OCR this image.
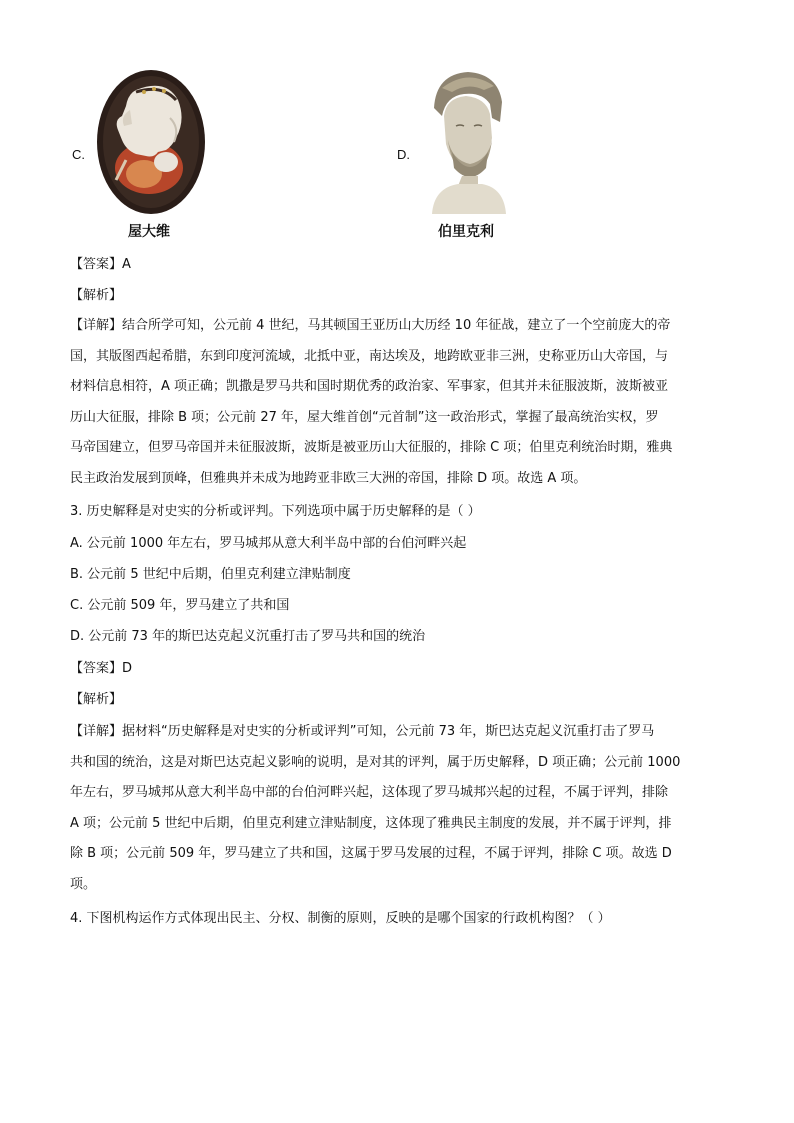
C.
屋大维
D.
伯里克利
【答案】A
【解析】
【详解】结合所学可知，公元前 4 世纪，马其顿国王亚历山大历经 10 年征战，建立了一个空前庞大的帝
国，其版图西起希腊，东到印度河流域，北抵中亚，南达埃及，地跨欧亚非三洲，史称亚历山大帝国，与
材料信息相符，A 项正确；凯撒是罗马共和国时期优秀的政治家、军事家，但其并未征服波斯，波斯被亚
历山大征服，排除 B 项；公元前 27 年，屋大维首创“元首制”这一政治形式，掌握了最高统治实权，罗
马帝国建立，但罗马帝国并未征服波斯，波斯是被亚历山大征服的，排除 C 项；伯里克利统治时期，雅典
民主政治发展到顶峰，但雅典并未成为地跨亚非欧三大洲的帝国，排除 D 项。故选 A 项。
3. 历史解释是对史实的分析或评判。下列选项中属于历史解释的是（ ）
A. 公元前 1000 年左右，罗马城邦从意大利半岛中部的台伯河畔兴起
B. 公元前 5 世纪中后期，伯里克利建立津贴制度
C. 公元前 509 年，罗马建立了共和国
D. 公元前 73 年的斯巴达克起义沉重打击了罗马共和国的统治
【答案】D
【解析】
【详解】据材料“历史解释是对史实的分析或评判”可知，公元前 73 年，斯巴达克起义沉重打击了罗马
共和国的统治，这是对斯巴达克起义影响的说明，是对其的评判，属于历史解释，D 项正确；公元前 1000
年左右，罗马城邦从意大利半岛中部的台伯河畔兴起，这体现了罗马城邦兴起的过程，不属于评判，排除
A 项；公元前 5 世纪中后期，伯里克利建立津贴制度，这体现了雅典民主制度的发展，并不属于评判，排
除 B 项；公元前 509 年，罗马建立了共和国，这属于罗马发展的过程，不属于评判，排除 C 项。故选 D
项。
4. 下图机构运作方式体现出民主、分权、制衡的原则，反映的是哪个国家的行政机构图？（ ）
